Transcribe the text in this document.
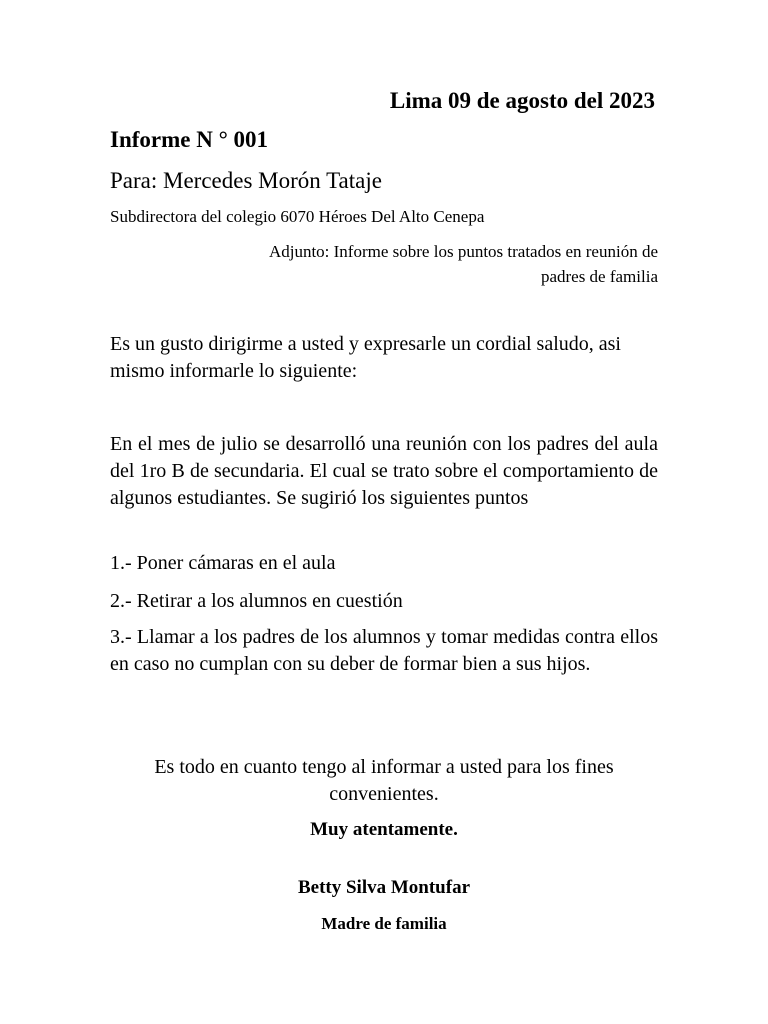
Lima 09 de agosto del 2023

Informe N ° 001

Para: Mercedes Morón Tataje

Subdirectora del colegio 6070 Héroes Del Alto Cenepa

Adjunto: Informe sobre los puntos tratados en reunión de padres de familia

Es un gusto dirigirme a usted y expresarle un cordial saludo, asi mismo informarle lo siguiente:

En el mes de julio se desarrolló una reunión con los padres del aula del 1ro B de secundaria. El cual se trato sobre el comportamiento de algunos estudiantes. Se sugirió los siguientes puntos

1.- Poner cámaras en el aula

2.- Retirar a los alumnos en cuestión

3.- Llamar a los padres de los alumnos y tomar medidas contra ellos en caso no cumplan con su deber de formar bien a sus hijos.

Es todo en cuanto tengo al informar a usted para los fines convenientes.

Muy atentamente.

Betty Silva Montufar

Madre de familia
